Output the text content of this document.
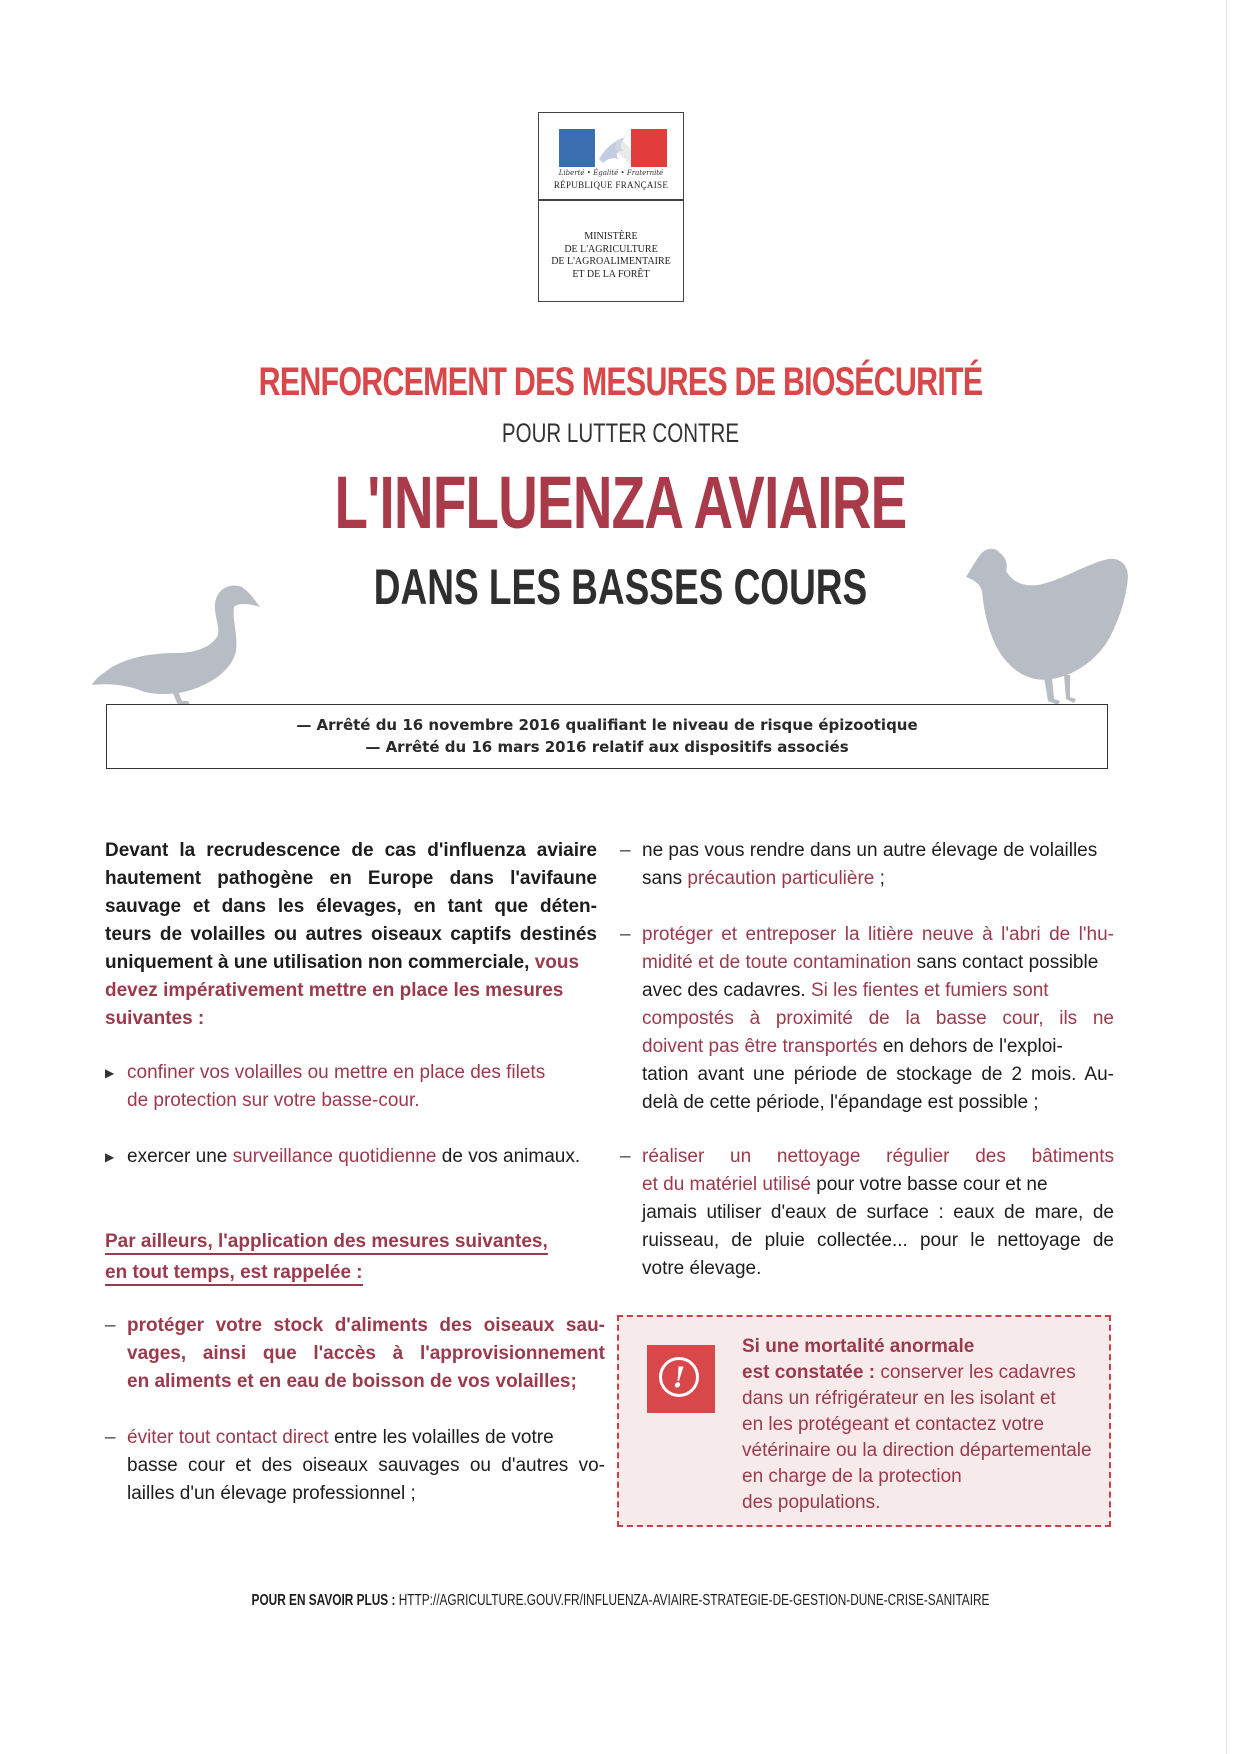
Liberté • Égalité • Fraternité
RÉPUBLIQUE FRANÇAISE
MINISTÈRE
DE L'AGRICULTURE
DE L'AGROALIMENTAIRE
ET DE LA FORÊT
RENFORCEMENT DES MESURES DE BIOSÉCURITÉ
POUR LUTTER CONTRE
L'INFLUENZA AVIAIRE
DANS LES BASSES COURS
— Arrêté du 16 novembre 2016 qualifiant le niveau de risque épizootique
— Arrêté du 16 mars 2016 relatif aux dispositifs associés
Devant la recrudescence de cas d'influenza aviaire
hautement pathogène en Europe dans l'avifaune
sauvage et dans les élevages, en tant que déten-
teurs de volailles ou autres oiseaux captifs destinés
uniquement à une utilisation non commerciale, vous
devez impérativement mettre en place les mesures
suivantes :
▶ confiner vos volailles ou mettre en place des filets
de protection sur votre basse-cour.
▶ exercer une surveillance quotidienne de vos animaux.
Par ailleurs, l'application des mesures suivantes,
en tout temps, est rappelée :
– protéger votre stock d'aliments des oiseaux sau-
vages, ainsi que l'accès à l'approvisionnement
en aliments et en eau de boisson de vos volailles;
– éviter tout contact direct entre les volailles de votre
basse cour et des oiseaux sauvages ou d'autres vo-
lailles d'un élevage professionnel ;
– ne pas vous rendre dans un autre élevage de volailles
sans précaution particulière ;
– protéger et entreposer la litière neuve à l'abri de l'hu-
midité et de toute contamination sans contact possible
avec des cadavres. Si les fientes et fumiers sont
compostés à proximité de la basse cour, ils ne
doivent pas être transportés en dehors de l'exploi-
tation avant une période de stockage de 2 mois. Au-
delà de cette période, l'épandage est possible ;
– réaliser un nettoyage régulier des bâtiments
et du matériel utilisé pour votre basse cour et ne
jamais utiliser d'eaux de surface : eaux de mare, de
ruisseau, de pluie collectée... pour le nettoyage de
votre élevage.
!
Si une mortalité anormale
est constatée : conserver les cadavres
dans un réfrigérateur en les isolant et
en les protégeant et contactez votre
vétérinaire ou la direction départementale
en charge de la protection
des populations.
POUR EN SAVOIR PLUS : HTTP://AGRICULTURE.GOUV.FR/INFLUENZA-AVIAIRE-STRATEGIE-DE-GESTION-DUNE-CRISE-SANITAIRE
